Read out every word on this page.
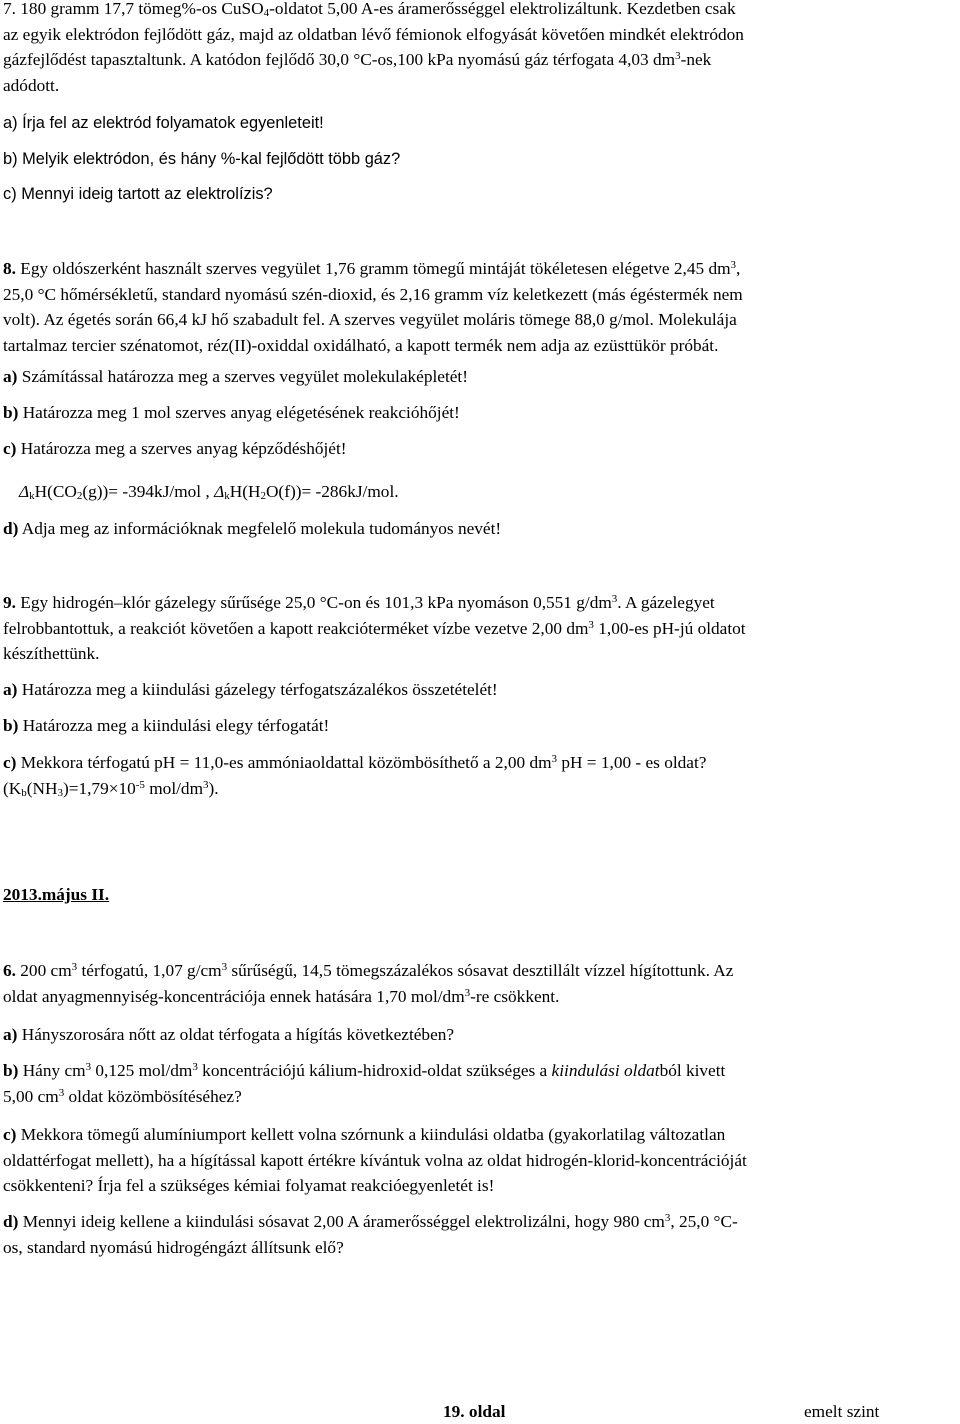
7. 180 gramm 17,7 tömeg%-os CuSO$_4$-oldatot 5,00 A-es áramerősséggel elektrolizáltunk. Kezdetben csak
az egyik elektródon fejlődött gáz, majd az oldatban lévő fémionok elfogyását követően mindkét elektródon
gázfejlődést tapasztaltunk. A katódon fejlődő 30,0 °C-os,100 kPa nyomású gáz térfogata 4,03 $dm^3$-nek
adódott.

a) Írja fel az elektród folyamatok egyenleteit!

b) Melyik elektródon, és hány %-kal fejlődött több gáz?

c) Mennyi ideig tartott az elektrolízis?

8. Egy oldószerként használt szerves vegyület 1,76 gramm tömegű mintáját tökéletesen elégetve 2,45 $dm^3$,
25,0 °C hőmérsékletű, standard nyomású szén-dioxid, és 2,16 gramm víz keletkezett (más égéstermék nem
volt). Az égetés során 66,4 kJ hő szabadult fel. A szerves vegyület moláris tömege 88,0 g/mol. Molekulája
tartalmaz tercier szénatomot, réz(II)-oxiddal oxidálható, a kapott termék nem adja az ezüsttükör próbát.

a) Számítással határozza meg a szerves vegyület molekulaképletét!

b) Határozza meg 1 mol szerves anyag elégetésének reakcióhőjét!

c) Határozza meg a szerves anyag képződéshőjét!

$\Delta_kH(CO_2(g))= -394kJ/mol$ , $\Delta_kH(H_2O(f))= -286kJ/mol$.

d) Adja meg az információknak megfelelő molekula tudományos nevét!

9. Egy hidrogén–klór gázelegy sűrűsége 25,0 °C-on és 101,3 kPa nyomáson 0,551 $g/dm^3$. A gázelegyet
felrobbantottuk, a reakciót követően a kapott reakcióterméket vízbe vezetve 2,00 $dm^3$ 1,00-es pH-jú oldatot
készíthettünk.

a) Határozza meg a kiindulási gázelegy térfogatszázalékos összetételét!

b) Határozza meg a kiindulási elegy térfogatát!

c) Mekkora térfogatú pH = 11,0-es ammóniaoldattal közömbösíthető a 2,00 $dm^3$ pH = 1,00 - es oldat?
($K_b(NH_3)=1,79\times 10^{-5}$ mol/$dm^3$).

2013.május II.

6. 200 $cm^3$ térfogatú, 1,07 $g/cm^3$ sűrűségű, 14,5 tömegszázalékos sósavat desztillált vízzel hígítottunk. Az
oldat anyagmennyiség-koncentrációja ennek hatására 1,70 mol/$dm^3-re$ csökkent.

a) Hányszorosára nőtt az oldat térfogata a hígítás következtében?

b) Hány $cm^3$ 0,125 mol/$dm^3$ koncentrációjú kálium-hidroxid-oldat szükséges a kiindulási oldatból kivett
5,00 $cm^3$ oldat közömbösítéséhez?

c) Mekkora tömegű alumíniumport kellett volna szórnunk a kiindulási oldatba (gyakorlatilag változatlan
oldattérfogat mellett), ha a hígítással kapott értékre kívántuk volna az oldat hidrogén-klorid-koncentrációját
csökkenteni? Írja fel a szükséges kémiai folyamat reakcióegyenletét is!

d) Mennyi ideig kellene a kiindulási sósavat 2,00 A áramerősséggel elektrolizálni, hogy 980 $cm^3$, 25,0 °C-
os, standard nyomású hidrogéngázt állítsunk elő?

19. oldal	emelt szint
